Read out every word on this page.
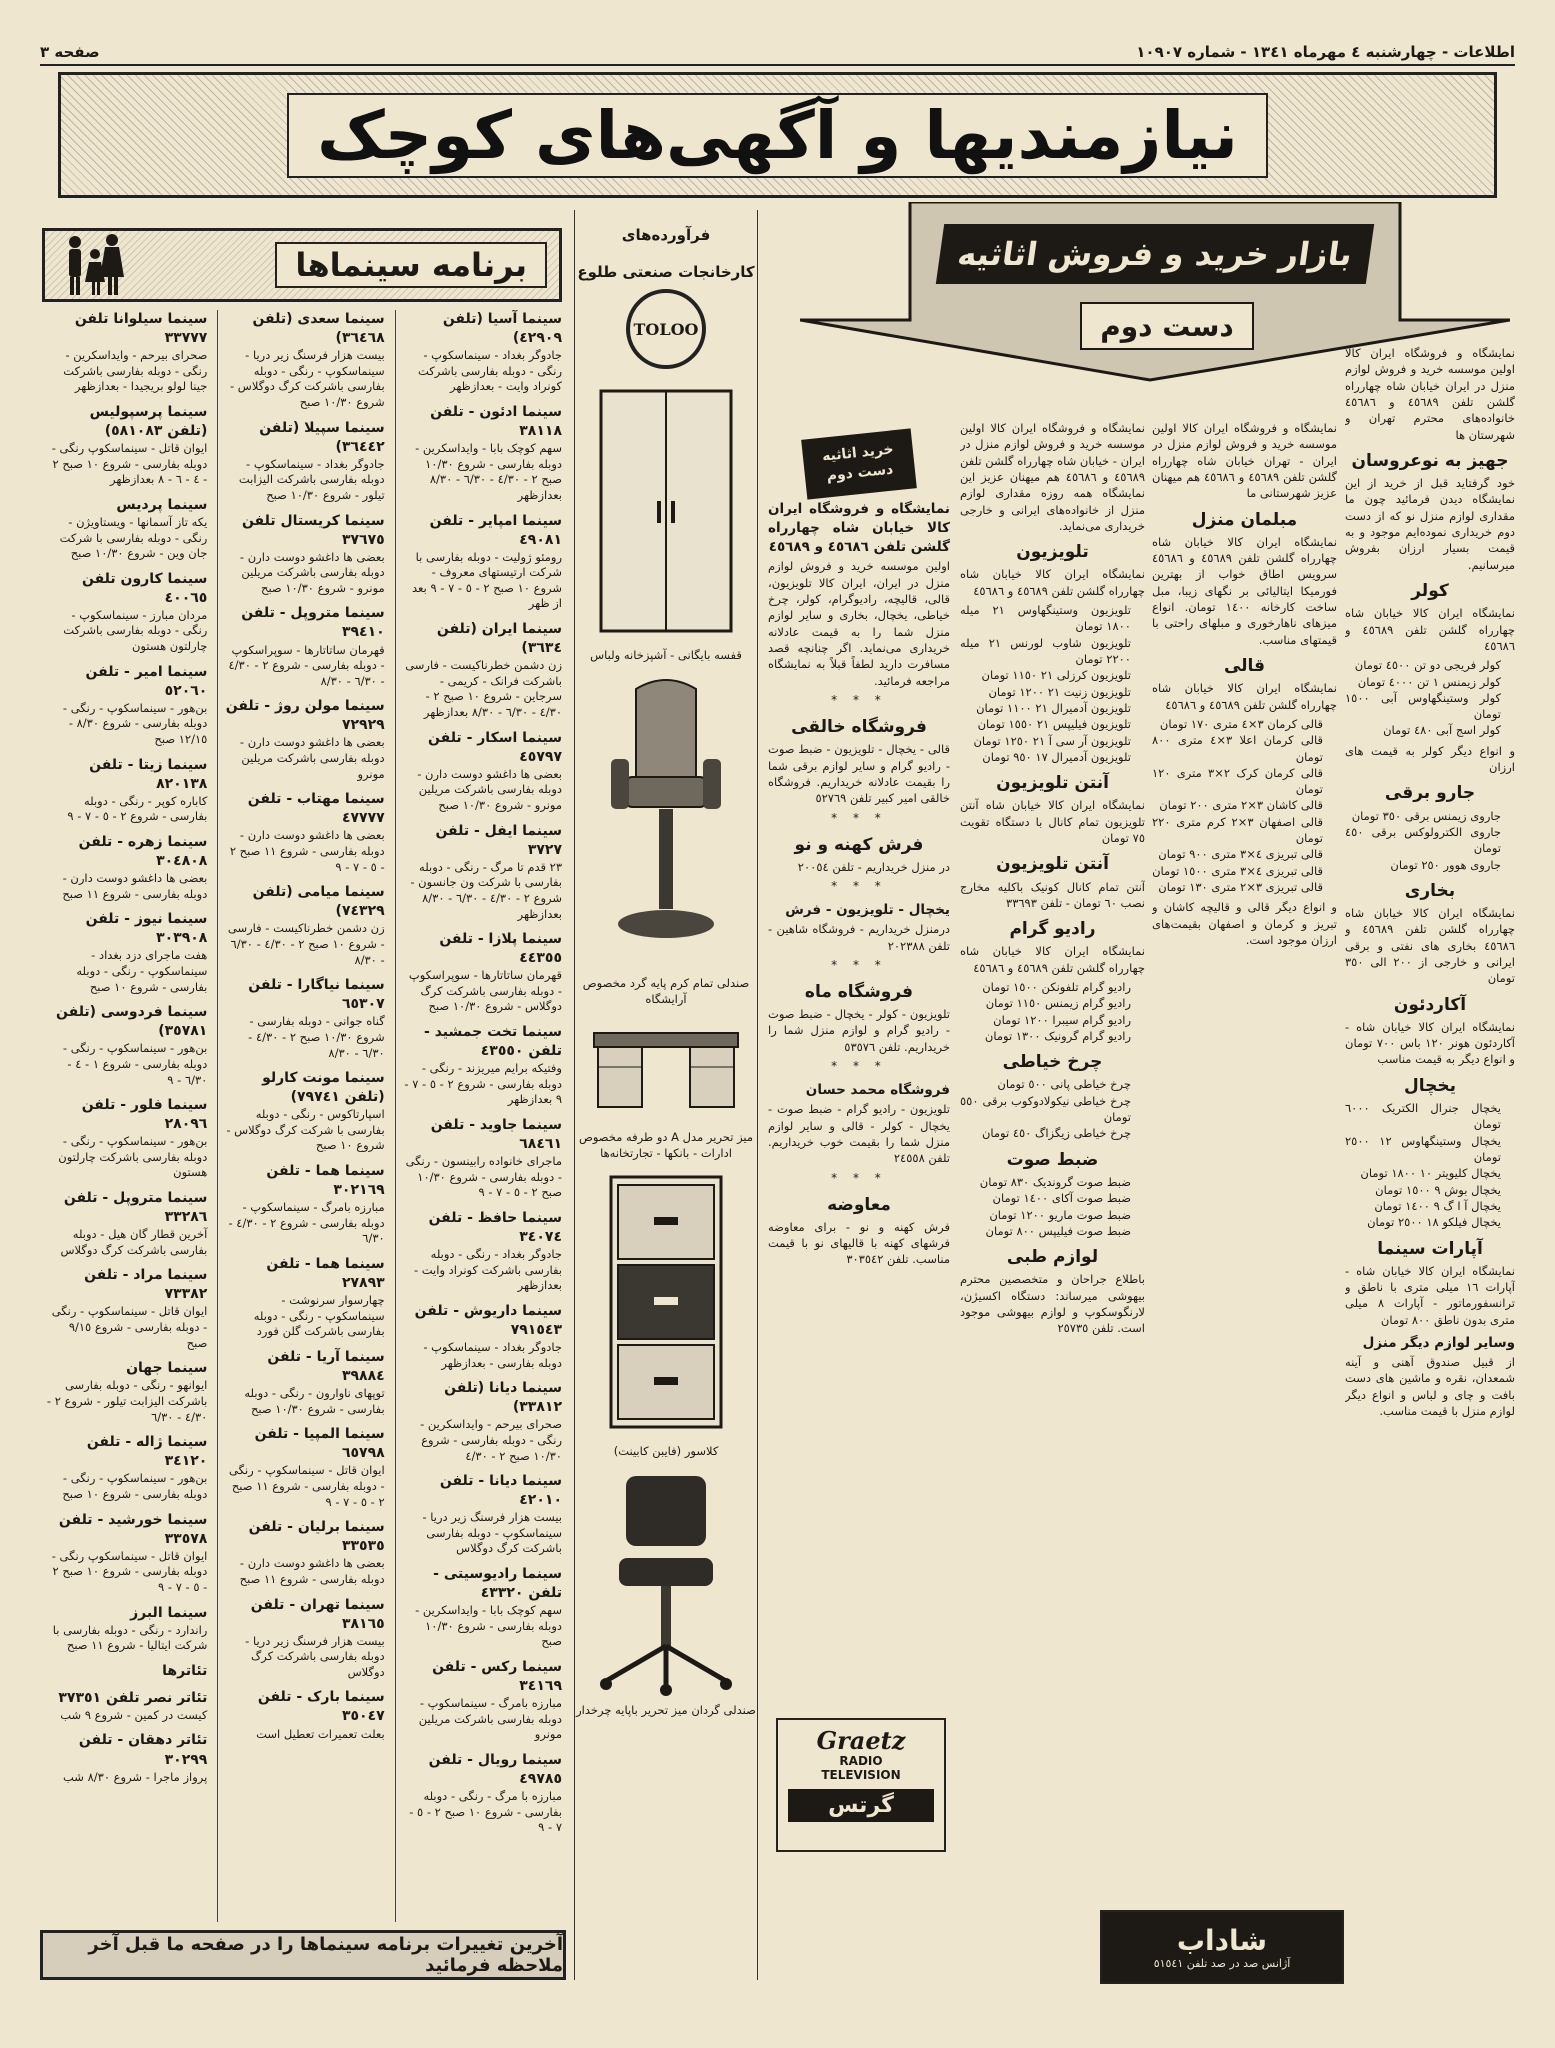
اطلاعات - چهارشنبه ٤ مهرماه ١٣٤١ - شماره ١٠٩٠٧
صفحه ٣
نیازمندیها و آگهی‌های کوچک
بازار خرید و فروش اثاثیه
دست دوم
برنامه سینماها
سینما آسیا (تلفن ٤٢٩٠٩)

جادوگر بغداد - سینماسکوپ - رنگی - دوبله بفارسی باشرکت کونراد وایت - بعدازظهر

سینما ادئون - تلفن ٣٨١١٨

سهم کوچک بابا - وایداسکرین - دوبله بفارسی - شروع ١٠/٣٠ صبح ٢ - ٤/٣٠ - ٦/٣٠ - ٨/٣٠ بعدازظهر

سینما امپایر - تلفن ٤٩٠٨١

رومئو ژولیت - دوبله بفارسی با شرکت ارتیستهای معروف - شروع ١٠ صبح ٢ - ٥ - ٧ - ٩ بعد از ظهر

سینما ایران (تلفن ٣٦٣٤)

زن دشمن خطرناکیست - فارسی باشرکت فرانک - کریمی - سرجاین - شروع ١٠ صبح ٢ - ٤/٣٠ - ٦/٣٠ - ٨/٣٠ بعدازظهر

سینما اسکار - تلفن ٤٥٧٩٧

بعضی ها داغشو دوست دارن - دوبله بفارسی باشرکت مریلین مونرو - شروع ١٠/٣٠ صبح

سینما ایفل - تلفن ٣٧٢٧

٢٣ قدم تا مرگ - رنگی - دوبله بفارسی با شرکت ون جانسون - شروع ٢ - ٤/٣٠ - ٦/٣٠ - ٨/٣٠ بعدازظهر

سینما پلازا - تلفن ٤٤٣٥٥

قهرمان ساتاتارها - سوپراسکوپ - دوبله بفارسی باشرکت کرگ دوگلاس - شروع ١٠/٣٠ صبح

سینما تخت جمشید - تلفن ٤٣٥٥٠

وفتیکه برایم میریزند - رنگی - دوبله بفارسی - شروع ٢ - ٥ - ٧ - ٩ بعدازظهر

سینما جاوید - تلفن ٦٨٤٦١

ماجرای خانواده رابینسون - رنگی - دوبله بفارسی - شروع ١٠/٣٠ صبح ٢ - ٥ - ٧ - ٩

سینما حافظ - تلفن ٣٤٠٧٤

جادوگر بغداد - رنگی - دوبله بفارسی باشرکت کونراد وایت - بعدازظهر

سینما داریوش - تلفن ٧٩١٥٤٣

جادوگر بغداد - سینماسکوپ - دوبله بفارسی - بعدازظهر

سینما دیانا (تلفن ٣٣٨١٢)

صحرای بیرحم - وایداسکرین - رنگی - دوبله بفارسی - شروع ١٠/٣٠ صبح ٢ - ٤/٣٠

سینما دیانا - تلفن ٤٢٠١٠

بیست هزار فرسنگ زیر دریا - سینماسکوپ - دوبله بفارسی باشرکت کرگ دوگلاس

سینما رادیوسیتی - تلفن ٤٣٣٢٠

سهم کوچک بابا - وایداسکرین - دوبله بفارسی - شروع ١٠/٣٠ صبح

سینما رکس - تلفن ٣٤١٦٩

مبارزه بامرگ - سینماسکوپ - دوبله بفارسی باشرکت مریلین مونرو

سینما رویال - تلفن ٤٩٧٨٥

مبارزه با مرگ - رنگی - دوبله بفارسی - شروع ١٠ صبح ٢ - ٥ - ٧ - ٩

سینما سعدی (تلفن ٣٦٤٦٨)

بیست هزار فرسنگ زیر دریا - سینماسکوپ - رنگی - دوبله بفارسی باشرکت کرگ دوگلاس - شروع ١٠/٣٠ صبح

سینما سپیلا (تلفن ٣٦٤٤٢)

جادوگر بغداد - سینماسکوپ - دوبله بفارسی باشرکت الیزابت تیلور - شروع ١٠/٣٠ صبح

سینما کریستال تلفن ٣٧٦٧٥

بعضی ها داغشو دوست دارن - دوبله بفارسی باشرکت مریلین مونرو - شروع ١٠/٣٠ صبح

سینما متروپل - تلفن ٣٩٤١٠

قهرمان ساتاتارها - سوپراسکوپ - دوبله بفارسی - شروع ٢ - ٤/٣٠ - ٦/٣٠ - ٨/٣٠

سینما مولن روژ - تلفن ٧٢٩٢٩

بعضی ها داغشو دوست دارن - دوبله بفارسی باشرکت مریلین مونرو

سینما مهتاب - تلفن ٤٧٧٧٧

بعضی ها داغشو دوست دارن - دوبله بفارسی - شروع ١١ صبح ٢ - ٥ - ٧ - ٩

سینما میامی (تلفن ٧٤٣٢٩)

زن دشمن خطرناکیست - فارسی - شروع ١٠ صبح ٢ - ٤/٣٠ - ٦/٣٠ - ٨/٣٠

سینما نیاگارا - تلفن ٦٥٣٠٧

گناه جوانی - دوبله بفارسی - شروع ١٠/٣٠ صبح ٢ - ٤/٣٠ - ٦/٣٠ - ٨/٣٠

سینما مونت کارلو (تلفن ٧٩٧٤١)

اسپارتاکوس - رنگی - دوبله بفارسی با شرکت کرگ دوگلاس - شروع ١٠ صبح

سینما هما - تلفن ٣٠٢١٦٩

مبارزه بامرگ - سینماسکوپ - دوبله بفارسی - شروع ٢ - ٤/٣٠ - ٦/٣٠

سینما هما - تلفن ٢٧٨٩٣

چهارسوار سرنوشت - سینماسکوپ - رنگی - دوبله بفارسی باشرکت گلن فورد

سینما آریا - تلفن ٣٩٨٨٤

توپهای ناوارون - رنگی - دوبله بفارسی - شروع ١٠/٣٠ صبح

سینما المپیا - تلفن ٦٥٧٩٨

ایوان قاتل - سینماسکوپ - رنگی - دوبله بفارسی - شروع ١١ صبح ٢ - ٥ - ٧ - ٩

سینما برلیان - تلفن ٣٣٥٣٥

بعضی ها داغشو دوست دارن - دوبله بفارسی - شروع ١١ صبح

سینما تهران - تلفن ٣٨١٦٥

بیست هزار فرسنگ زیر دریا - دوبله بفارسی باشرکت کرگ دوگلاس

سینما بارک - تلفن ٣٥٠٤٧

بعلت تعمیرات تعطیل است

سینما سیلوانا تلفن ٣٣٧٧٧

صحرای بیرحم - وایداسکرین - رنگی - دوبله بفارسی باشرکت جینا لولو بریجیدا - بعدازظهر

سینما پرسپولیس (تلفن ٥٨١٠٨٣)

ایوان قاتل - سینماسکوپ رنگی - دوبله بفارسی - شروع ١٠ صبح ٢ - ٤ - ٦ - ٨ بعدازظهر

سینما پردیس

یکه تاز آسمانها - ویستاویژن - رنگی - دوبله بفارسی با شرکت جان وین - شروع ١٠/٣٠ صبح

سینما کارون تلفن ٤٠٠٦٥

مردان مبارز - سینماسکوپ - رنگی - دوبله بفارسی باشرکت چارلتون هستون

سینما امیر - تلفن ٥٢٠٦٠

بن‌هور - سینماسکوپ - رنگی - دوبله بفارسی - شروع ٨/٣٠ - ١٢/١٥ صبح

سینما زیتا - تلفن ٨٢٠١٣٨

کاباره کوپر - رنگی - دوبله بفارسی - شروع ٢ - ٥ - ٧ - ٩

سینما زهره - تلفن ٣٠٤٨٠٨

بعضی ها داغشو دوست دارن - دوبله بفارسی - شروع ١١ صبح

سینما نیوز - تلفن ٣٠٣٩٠٨

هفت ماجرای دزد بغداد - سینماسکوپ - رنگی - دوبله بفارسی - شروع ١٠ صبح

سینما فردوسی (تلفن ٣٥٧٨١)

بن‌هور - سینماسکوپ - رنگی - دوبله بفارسی - شروع ١ - ٤ - ٦/٣٠ - ٩

سینما فلور - تلفن ٢٨٠٩٦

بن‌هور - سینماسکوپ - رنگی - دوبله بفارسی باشرکت چارلتون هستون

سینما متروپل - تلفن ٣٣٢٨٦

آخرین قطار گان هیل - دوبله بفارسی باشرکت کرگ دوگلاس

سینما مراد - تلفن ٧٣٣٨٢

ایوان قاتل - سینماسکوپ - رنگی - دوبله بفارسی - شروع ٩/١٥ صبح

سینما جهان

ایوانهو - رنگی - دوبله بفارسی باشرکت الیزابت تیلور - شروع ٢ - ٤/٣٠ - ٦/٣٠

سینما ژاله - تلفن ٣٤١٢٠

بن‌هور - سینماسکوپ - رنگی - دوبله بفارسی - شروع ١٠ صبح

سینما خورشید - تلفن ٣٣٥٧٨

ایوان قاتل - سینماسکوپ رنگی - دوبله بفارسی - شروع ١٠ صبح ٢ - ٥ - ٧ - ٩

سینما البرز

راندارد - رنگی - دوبله بفارسی با شرکت ایتالیا - شروع ١١ صبح

تئاترها
تئاتر نصر تلفن ٣٧٣٥١

کیست در کمین - شروع ٩ شب

تئاتر دهقان - تلفن ٣٠٢٩٩

پرواز ماجرا - شروع ٨/٣٠ شب

آخرین تغییرات برنامه سینماها را در صفحه ما قبل آخر ملاحظه فرمائید
فرآورده‌های
کارخانجات صنعتی طلوع
TOLOO
قفسه بایگانی - آشپزخانه ولباس
صندلی تمام کرم پایه گرد مخصوص آرایشگاه
میز تحریر مدل A دو طرفه مخصوص ادارات - بانکها - تجارتخانه‌ها
کلاسور (فایبن کابینت)
صندلی گردان میز تحریر باپایه چرخدار
خرید اثاثیه
دست دوم
نمایشگاه و فروشگاه ایران کالا خیابان شاه چهارراه گلشن تلفن ٤٥٦٨٦ و ٤٥٦٨٩

اولین موسسه خرید و فروش لوازم منزل در ایران، ایران کالا تلویزیون، قالی، قالیچه، رادیوگرام، کولر، چرخ خیاطی، یخچال، بخاری و سایر لوازم منزل شما را به قیمت عادلانه خریداری می‌نماید. اگر چنانچه قصد مسافرت دارید لطفاً قبلاً به نمایشگاه مراجعه فرمائید.

* * *
فروشگاه خالقی

قالی - یخچال - تلویزیون - ضبط صوت - رادیو گرام و سایر لوازم برقی شما را بقیمت عادلانه خریداریم. فروشگاه خالقی امیر کبیر تلفن ٥٢٧٦٩

* * *
فرش کهنه و نو

در منزل خریداریم - تلفن ٢٠٠٥٤

* * *
یخچال - تلویزیون - فرش

درمنزل خریداریم - فروشگاه شاهین - تلفن ٢٠٢٣٨٨

* * *
فروشگاه ماه

تلویزیون - کولر - یخچال - ضبط صوت - رادیو گرام و لوازم منزل شما را خریداریم. تلفن ٥٣٥٧٦

* * *
فروشگاه محمد حسان

تلویزیون - رادیو گرام - ضبط صوت - یخچال - کولر - قالی و سایر لوازم منزل شما را بقیمت خوب خریداریم. تلفن ٢٤٥٥٨

* * *
معاوضه

فرش کهنه و نو - برای معاوضه فرشهای کهنه با قالیهای نو با قیمت مناسب. تلفن ٣٠٣٥٤٢

Graetz
RADIO
TELEVISION
گرتس

نمایشگاه و فروشگاه ایران کالا اولین موسسه خرید و فروش لوازم منزل در ایران - خیابان شاه چهارراه گلشن تلفن ٤٥٦٨٩ و ٤٥٦٨٦ هم میهنان عزیز این نمایشگاه همه روزه مقداری لوازم منزل از خانواده‌های ایرانی و خارجی خریداری می‌نماید.

تلویزیون

نمایشگاه ایران کالا خیابان شاه چهارراه گلشن تلفن ٤٥٦٨٩ و ٤٥٦٨٦

تلویزیون وستینگهاوس ٢١ میله ١٨٠٠ تومان
تلویزیون شاوب لورنس ٢١ میله ٢٢٠٠ تومان
تلویزیون کرزلی ٢١ ١١٥٠ تومان
تلویزیون زنیت ٢١ ١٢٠٠ تومان
تلویزیون آدمیرال ٢١ ١١٠٠ تومان
تلویزیون فیلیپس ٢١ ١٥٥٠ تومان
تلویزیون آر سی آ ٢١ ١٢٥٠ تومان
تلویزیون آدمیرال ١٧ ٩٥٠ تومان
آنتن تلویزیون

نمایشگاه ایران کالا خیابان شاه آنتن تلویزیون تمام کانال با دستگاه تقویت ٧٥ تومان

آنتن تلویزیون

آنتن تمام کانال کونیک باکلیه مخارج نصب ٦٠ تومان - تلفن ٣٣٦٩٣

رادیو گرام

نمایشگاه ایران کالا خیابان شاه چهارراه گلشن تلفن ٤٥٦٨٩ و ٤٥٦٨٦

رادیو گرام تلفونکن ١٥٠٠ تومان
رادیو گرام زیمنس ١١٥٠ تومان
رادیو گرام سیبرا ١٢٠٠ تومان
رادیو گرام گرونیک ١٣٠٠ تومان
چرخ خیاطی
چرخ خیاطی پانی ٥٠٠ تومان
چرخ خیاطی نیکولادوکوب برقی ٥٥٠ تومان
چرخ خیاطی زیگزاگ ٤٥٠ تومان
ضبط صوت
ضبط صوت گروندیک ٨٣٠ تومان
ضبط صوت آکای ١٤٠٠ تومان
ضبط صوت ماریو ١٢٠٠ تومان
ضبط صوت فیلیپس ٨٠٠ تومان
لوازم طبی

باطلاع جراحان و متخصصین محترم بیهوشی میرساند: دستگاه اکسیژن، لارنگوسکوپ و لوازم بیهوشی موجود است. تلفن ٢٥٧٣٥

نمایشگاه و فروشگاه ایران کالا اولین موسسه خرید و فروش لوازم منزل در ایران - تهران خیابان شاه چهارراه گلشن تلفن ٤٥٦٨٩ و ٤٥٦٨٦ هم میهنان عزیز شهرستانی ما

مبلمان منزل

نمایشگاه ایران کالا خیابان شاه چهارراه گلشن تلفن ٤٥٦٨٩ و ٤٥٦٨٦ سرویس اطاق خواب از بهترین فورمیکا ایتالیائی بر نگهای زیبا، مبل ساخت کارخانه ١٤٠٠ تومان. انواع میزهای ناهارخوری و مبلهای راحتی با قیمتهای مناسب.

قالی

نمایشگاه ایران کالا خیابان شاه چهارراه گلشن تلفن ٤٥٦٨٩ و ٤٥٦٨٦

قالی کرمان ٣×٤ متری ١٧٠ تومان
قالی کرمان اعلا ٣×٤ متری ٨٠٠ تومان
قالی کرمان کرک ٢×٣ متری ١٢٠ تومان
قالی کاشان ٣×٢ متری ٢٠٠ تومان
قالی اصفهان ٣×٢ کرم متری ٢٢٠ تومان
قالی تبریزی ٤×٣ متری ٩٠٠ تومان
قالی تبریزی ٤×٣ متری ١٥٠٠ تومان
قالی تبریزی ٣×٢ متری ١٣٠ تومان

و انواع دیگر قالی و قالیچه کاشان و تبریز و کرمان و اصفهان بقیمت‌های ارزان موجود است.

نمایشگاه و فروشگاه ایران کالا اولین موسسه خرید و فروش لوازم منزل در ایران خیابان شاه چهارراه گلشن تلفن ٤٥٦٨٩ و ٤٥٦٨٦ خانواده‌های محترم تهران و شهرستان ها

جهیز به نوعروسان

خود گرفتاید قبل از خرید از این نمایشگاه دیدن فرمائید چون ما مقداری لوازم منزل نو که از دست دوم خریداری نموده‌ایم موجود و به قیمت بسیار ارزان بفروش میرسانیم.

کولر

نمایشگاه ایران کالا خیابان شاه چهارراه گلشن تلفن ٤٥٦٨٩ و ٤٥٦٨٦

کولر فریجی دو تن ٤٥٠٠ تومان
کولر زیمنس ١ تن ٤٠٠٠ تومان
کولر وستینگهاوس آبی ١٥٠٠ تومان
کولر اسج آبی ٤٨٠ تومان

و انواع دیگر کولر به قیمت های ارزان

جارو برقی
جاروی زیمنس برقی ٣٥٠ تومان
جاروی الکترولوکس برقی ٤٥٠ تومان
جاروی هوور ٢٥٠ تومان
بخاری

نمایشگاه ایران کالا خیابان شاه چهارراه گلشن تلفن ٤٥٦٨٩ و ٤٥٦٨٦ بخاری های نفتی و برقی ایرانی و خارجی از ٢٠٠ الی ٣٥٠ تومان

آکاردئون

نمایشگاه ایران کالا خیابان شاه - آکاردئون هونر ١٢٠ باس ٧٠٠ تومان و انواع دیگر به قیمت مناسب

یخچال
یخچال جنرال الکتریک ٦٠٠٠ تومان
یخچال وستینگهاوس ١٢ ٢٥٠٠ تومان
یخچال کلیویتر ١٠ ١٨٠٠ تومان
یخچال بوش ٩ ١٥٠٠ تومان
یخچال آ ا گ ٩ ١٤٠٠ تومان
یخچال فیلکو ١٨ ٢٥٠٠ تومان
آپارات سینما

نمایشگاه ایران کالا خیابان شاه - آپارات ١٦ میلی متری با ناطق و ترانسفورماتور - آپارات ٨ میلی متری بدون ناطق ٨٠٠ تومان

وسایر لوازم دیگر منزل

از قبیل صندوق آهنی و آینه شمعدان، نقره و ماشین های دست بافت و چای و لباس و انواع دیگر لوازم منزل با قیمت مناسب.

شاداب
آژانس صد در صد تلفن ٥١٥٤١
